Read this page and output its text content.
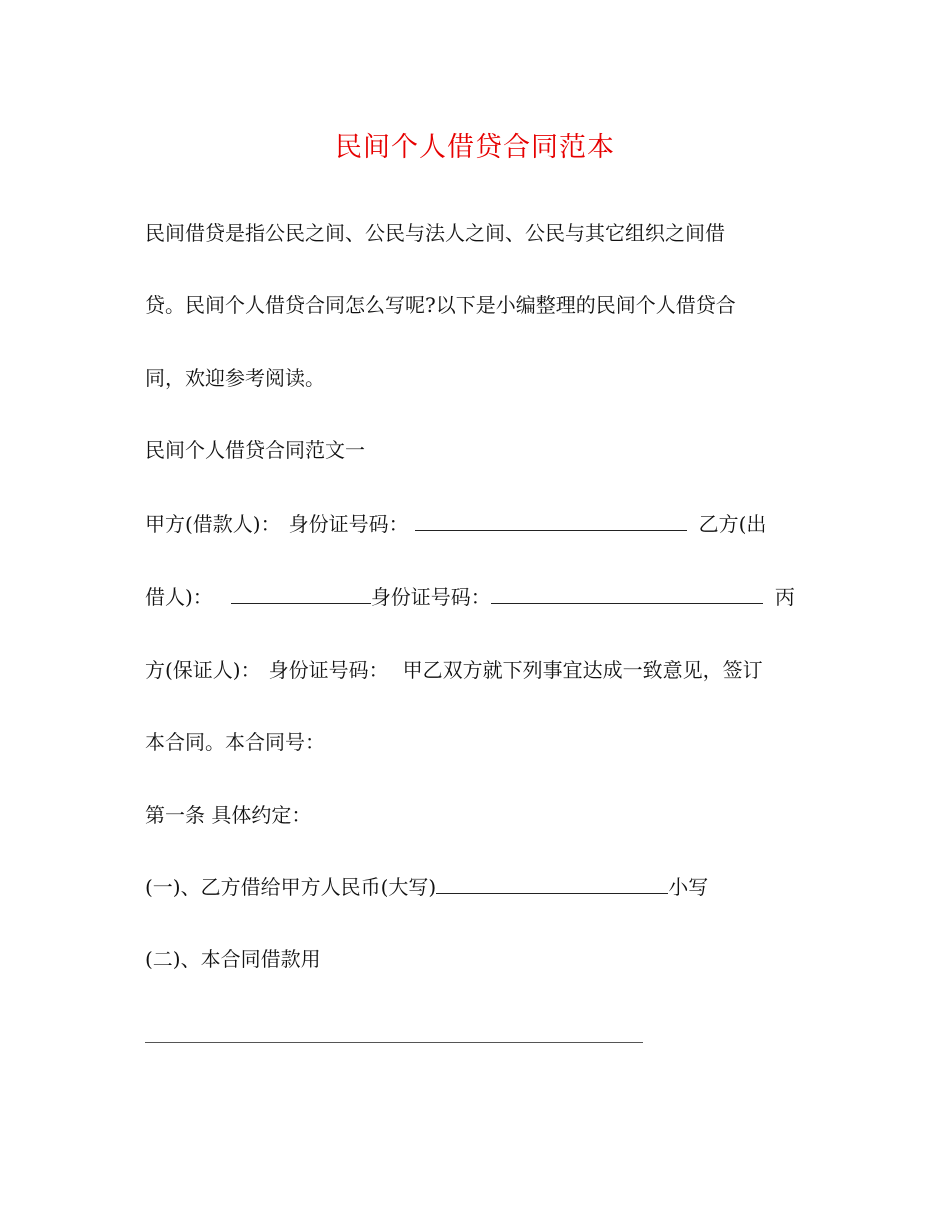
民间个人借贷合同范本
民间借贷是指公民之间、公民与法人之间、公民与其它组织之间借
贷。民间个人借贷合同怎么写呢?以下是小编整理的民间个人借贷合
同，欢迎参考阅读。
民间个人借贷合同范文一
甲方(借款人)： 身份证号码：	乙方(出
借人)：	身份证号码：	丙
方(保证人)： 身份证号码： 甲乙双方就下列事宜达成一致意见，签订
本合同。本合同号：
第一条 具体约定：
(一)、乙方借给甲方人民币(大写)	小写
(二)、本合同借款用
